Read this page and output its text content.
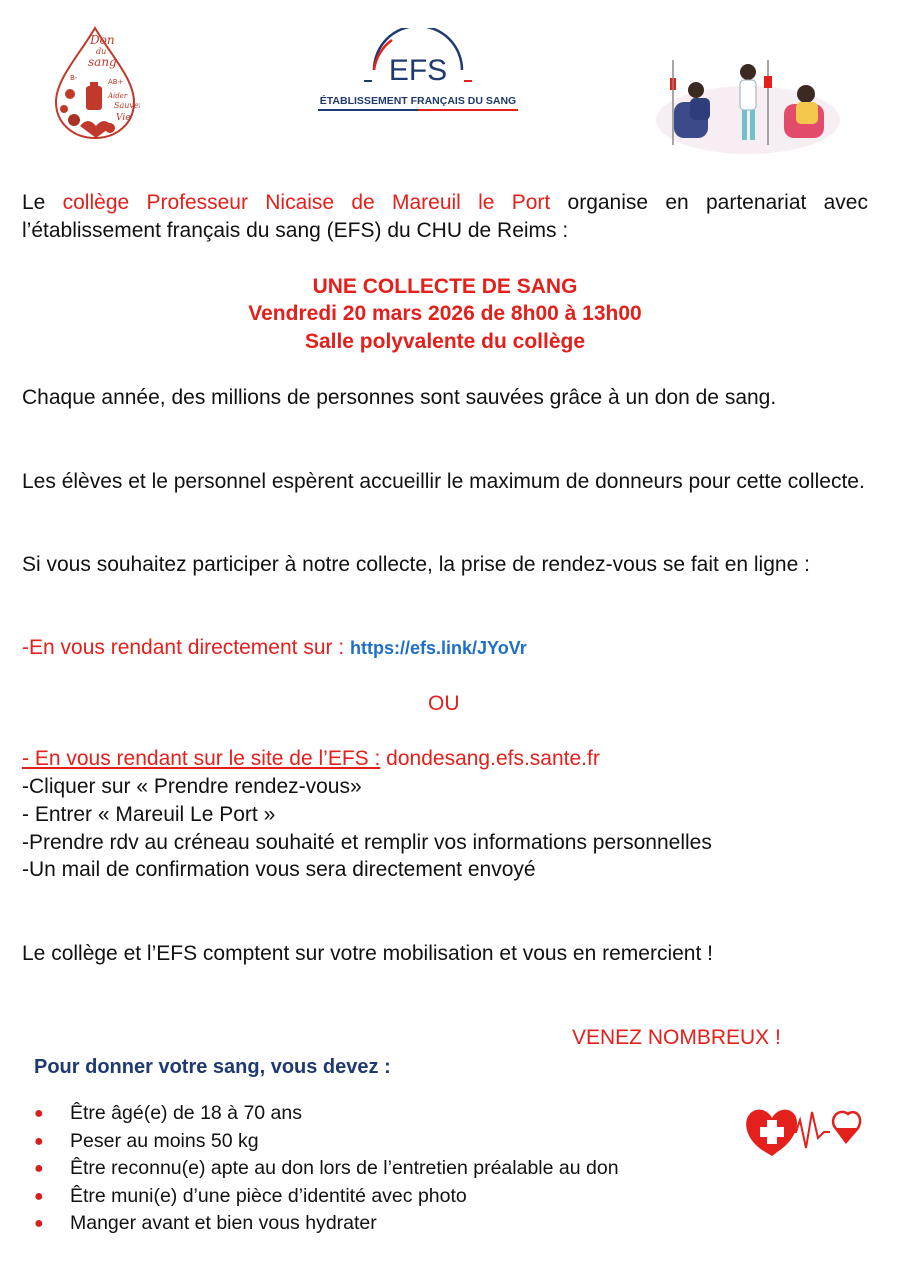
Don
du
sang
B-	AB+
Sauver
Vie
Aider
EFS
ÉTABLISSEMENT FRANÇAIS DU SANG
Le collège Professeur Nicaise de Mareuil le Port organise en partenariat avec l’établissement français du sang (EFS) du CHU de Reims :
UNE COLLECTE DE SANG
Vendredi 20 mars 2026 de 8h00 à 13h00
Salle polyvalente du collège
Chaque année, des millions de personnes sont sauvées grâce à un don de sang.
Les élèves et le personnel espèrent accueillir le maximum de donneurs pour cette collecte.
Si vous souhaitez participer à notre collecte, la prise de rendez-vous se fait en ligne :
-En vous rendant directement sur : https://efs.link/JYoVr
OU
- En vous rendant sur le site de l’EFS : dondesang.efs.sante.fr
-Cliquer sur « Prendre rendez-vous»
- Entrer « Mareuil Le Port »
-Prendre rdv au créneau souhaité et remplir vos informations personnelles
-Un mail de confirmation vous sera directement envoyé
Le collège et l’EFS comptent sur votre mobilisation et vous en remercient !
VENEZ NOMBREUX !
Pour donner votre sang, vous devez :
● Être âgé(e) de 18 à 70 ans
● Peser au moins 50 kg
● Être reconnu(e) apte au don lors de l’entretien préalable au don
● Être muni(e) d’une pièce d’identité avec photo
● Manger avant et bien vous hydrater
